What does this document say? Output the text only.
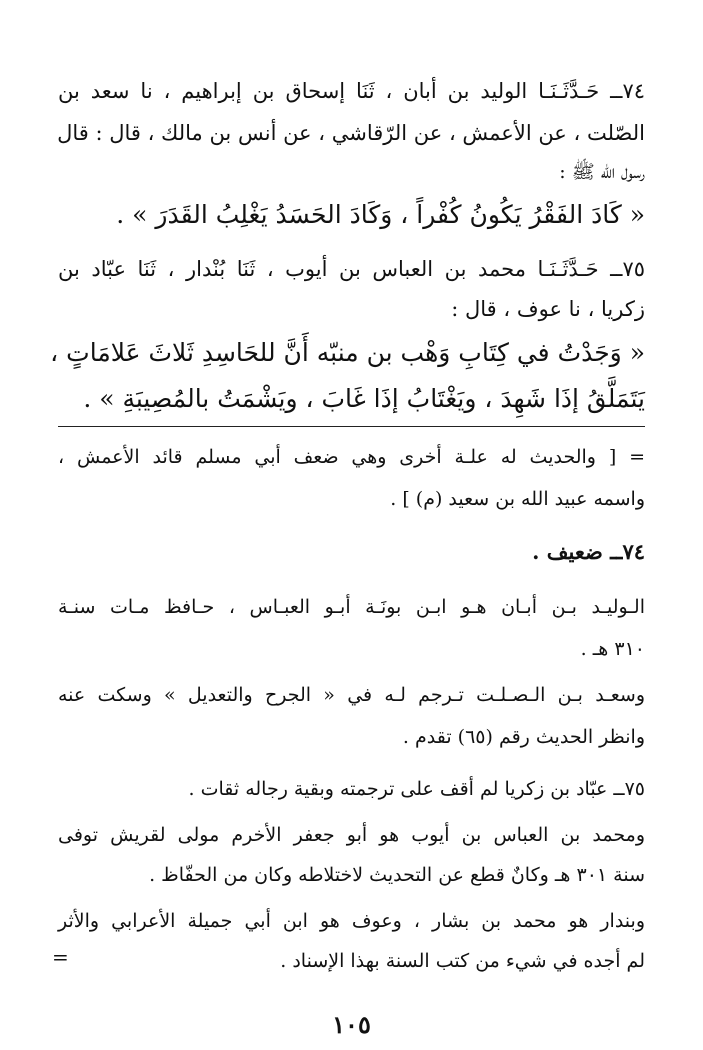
٧٤ــ حَـدَّثَـنَـا الوليد بن أبان ، ثَنَا إسحاق بن إبراهيم ، نا سعد بن
الصّلت ، عن الأعمش ، عن الرّقاشي ، عن أنس بن مالك ، قال : قال
رسول الله ﷺ :
« كَادَ الفَقْرُ يَكُونُ كُفْراً ، وَكَادَ الحَسَدُ يَغْلِبُ القَدَرَ » .
٧٥ــ حَـدَّثَـنَـا محمد بن العباس بن أيوب ، ثَنَا بُنْدار ، ثَنَا عبّاد بن
زكريا ، نا عوف ، قال :
« وَجَدْتُ في كِتَابِ وَهْب بن منبّه أَنَّ للحَاسِدِ ثَلاثَ عَلامَاتٍ ،
يَتَمَلَّقُ إذَا شَهِدَ ، ويَغْتَابُ إذَا غَابَ ، ويَشْمَتُ بالمُصِيبَةِ » .
= [ والحديث له علـة أخرى وهي ضعف أبي مسلم قائد الأعمش ،
واسمه عبيد الله بن سعيد (م) ] .
٧٤ــ ضعيف .
الـوليـد بـن أبـان هـو ابـن بونَـة أبـو العبـاس ، حـافظ مـات سنـة
٣١٠ هـ .
وسعـد بـن الـصـلـت تـرجم لـه في « الجرح والتعديل » وسكت عنه
وانظر الحديث رقم (٦٥) تقدم .
٧٥ــ عبّاد بن زكريا لم أقف على ترجمته وبقية رجاله ثقات .
ومحمد بن العباس بن أيوب هو أبو جعفر الأخرم مولى لقريش توفى
سنة ٣٠١ هـ وكانٌ قطع عن التحديث لاختلاطه وكان من الحفّاظ .
وبندار هو محمد بن بشار ، وعوف هو ابن أبي جميلة الأعرابي والأثر
لم أجده في شيء من كتب السنة بهذا الإسناد .
=
١٠٥
